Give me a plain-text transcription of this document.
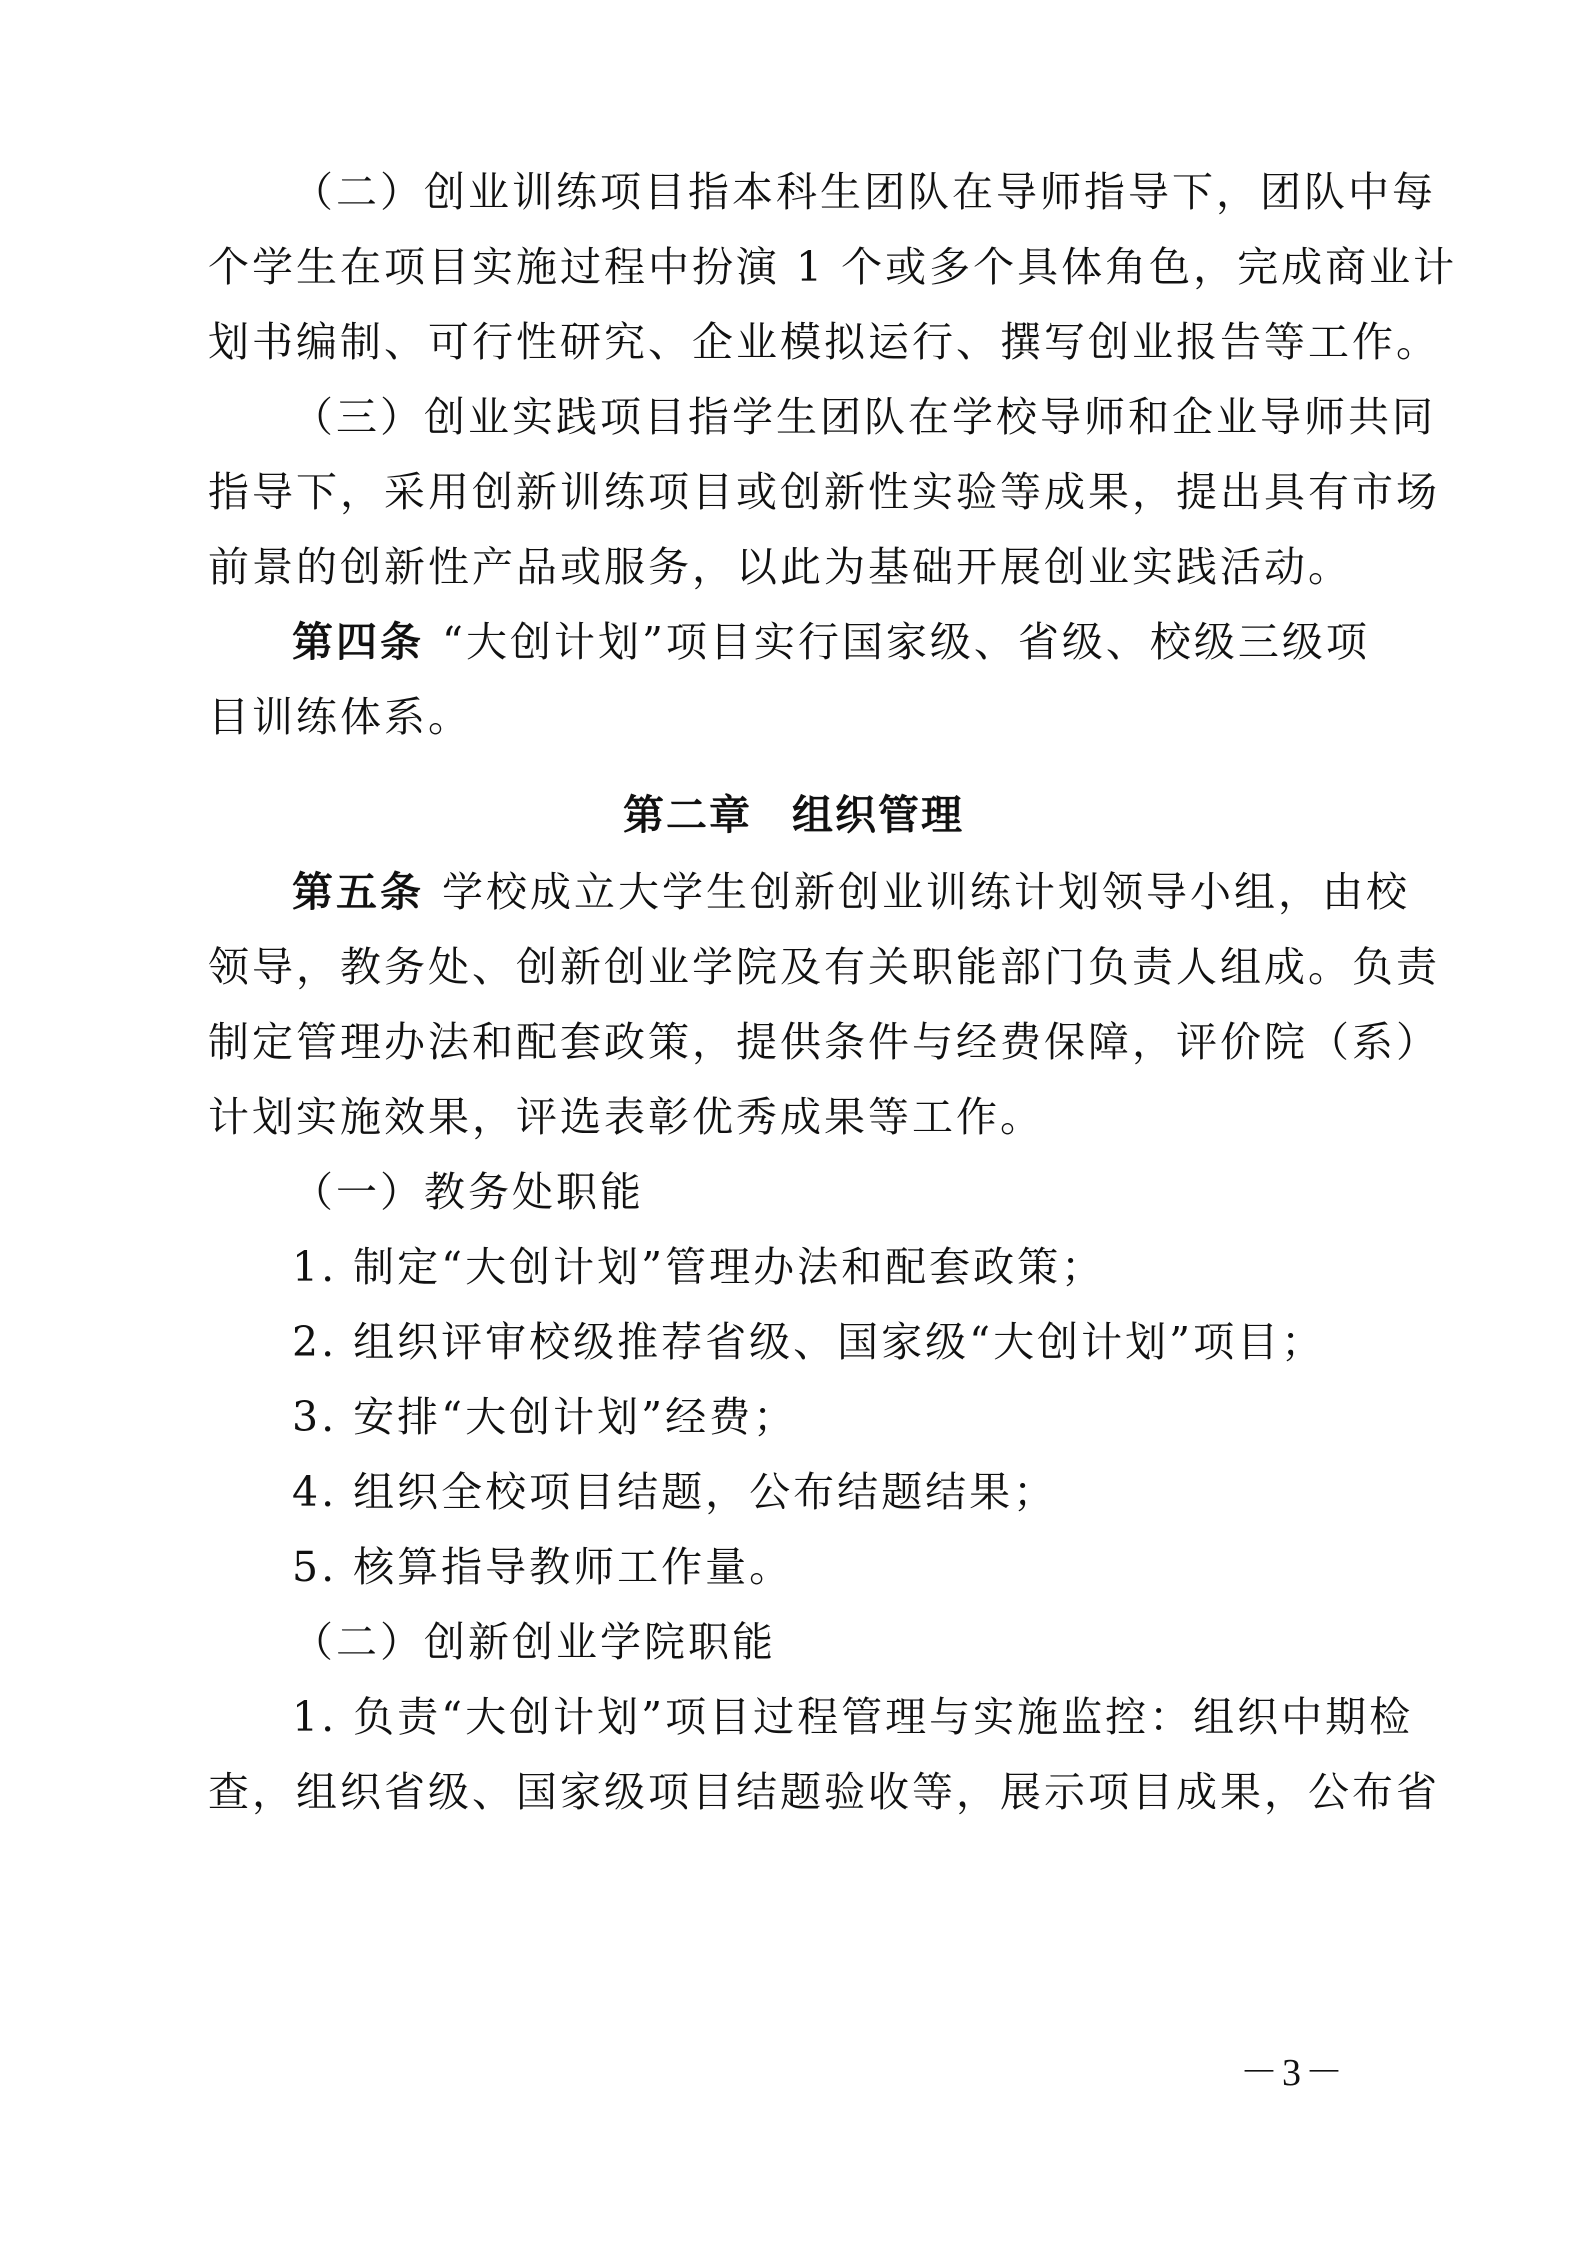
（二）创业训练项目指本科生团队在导师指导下，团队中每
个学生在项目实施过程中扮演 1 个或多个具体角色，完成商业计
划书编制、可行性研究、企业模拟运行、撰写创业报告等工作。
（三）创业实践项目指学生团队在学校导师和企业导师共同
指导下，采用创新训练项目或创新性实验等成果，提出具有市场
前景的创新性产品或服务，以此为基础开展创业实践活动。
第四条 “大创计划”项目实行国家级、省级、校级三级项
目训练体系。
第二章 组织管理
第五条 学校成立大学生创新创业训练计划领导小组，由校
领导，教务处、创新创业学院及有关职能部门负责人组成。负责
制定管理办法和配套政策，提供条件与经费保障，评价院（系）
计划实施效果，评选表彰优秀成果等工作。
（一）教务处职能
1. 制定“大创计划”管理办法和配套政策；
2. 组织评审校级推荐省级、国家级“大创计划”项目；
3. 安排“大创计划”经费；
4. 组织全校项目结题，公布结题结果；
5. 核算指导教师工作量。
（二）创新创业学院职能
1. 负责“大创计划”项目过程管理与实施监控：组织中期检
查，组织省级、国家级项目结题验收等，展示项目成果，公布省
－3－
